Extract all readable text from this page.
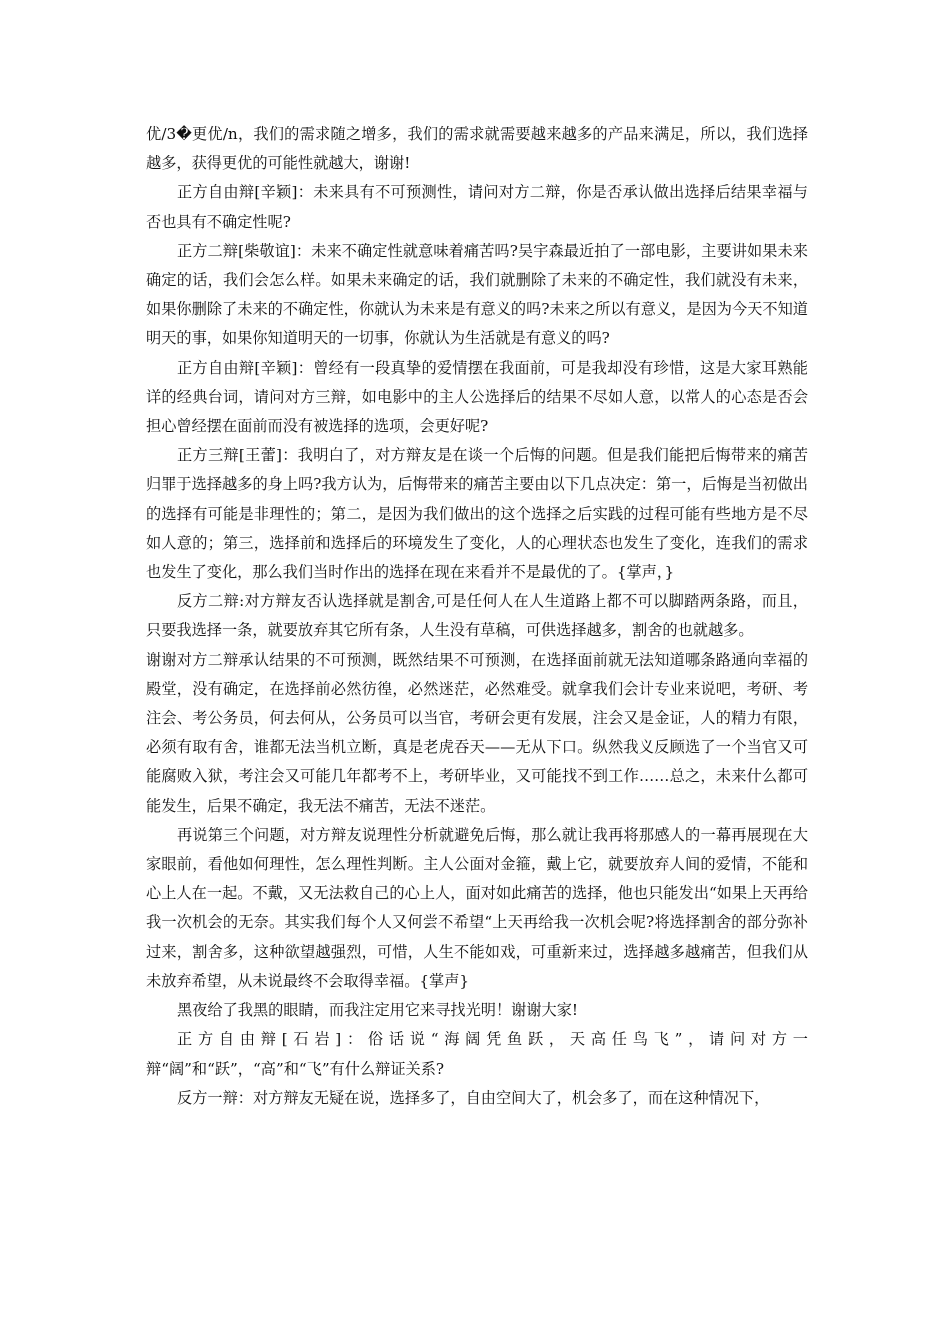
优/3�更优/n，我们的需求随之增多，我们的需求就需要越来越多的产品来满足，所以，我们选择越多，获得更优的可能性就越大，谢谢!

正方自由辩[辛颖]：未来具有不可预测性，请问对方二辩，你是否承认做出选择后结果幸福与否也具有不确定性呢?

正方二辩[柴敬谊]：未来不确定性就意味着痛苦吗?吴宇森最近拍了一部电影，主要讲如果未来确定的话，我们会怎么样。如果未来确定的话，我们就删除了未来的不确定性，我们就没有未来，如果你删除了未来的不确定性，你就认为未来是有意义的吗?未来之所以有意义，是因为今天不知道明天的事，如果你知道明天的一切事，你就认为生活就是有意义的吗?

正方自由辩[辛颖]：曾经有一段真挚的爱情摆在我面前，可是我却没有珍惜，这是大家耳熟能详的经典台词，请问对方三辩，如电影中的主人公选择后的结果不尽如人意，以常人的心态是否会担心曾经摆在面前而没有被选择的选项，会更好呢?

正方三辩[王蕾]：我明白了，对方辩友是在谈一个后悔的问题。但是我们能把后悔带来的痛苦归罪于选择越多的身上吗?我方认为，后悔带来的痛苦主要由以下几点决定：第一，后悔是当初做出的选择有可能是非理性的；第二，是因为我们做出的这个选择之后实践的过程可能有些地方是不尽如人意的；第三，选择前和选择后的环境发生了变化，人的心理状态也发生了变化，连我们的需求也发生了变化，那么我们当时作出的选择在现在来看并不是最优的了。{掌声，}

反方二辩:对方辩友否认选择就是割舍,可是任何人在人生道路上都不可以脚踏两条路，而且，只要我选择一条，就要放弃其它所有条，人生没有草稿，可供选择越多，割舍的也就越多。

谢谢对方二辩承认结果的不可预测，既然结果不可预测，在选择面前就无法知道哪条路通向幸福的殿堂，没有确定，在选择前必然彷徨，必然迷茫，必然难受。就拿我们会计专业来说吧，考研、考注会、考公务员，何去何从，公务员可以当官，考研会更有发展，注会又是金证，人的精力有限，必须有取有舍，谁都无法当机立断，真是老虎吞天——无从下口。纵然我义反顾选了一个当官又可能腐败入狱，考注会又可能几年都考不上，考研毕业，又可能找不到工作……总之，未来什么都可能发生，后果不确定，我无法不痛苦，无法不迷茫。

再说第三个问题，对方辩友说理性分析就避免后悔，那么就让我再将那感人的一幕再展现在大家眼前，看他如何理性，怎么理性判断。主人公面对金箍，戴上它，就要放弃人间的爱情，不能和心上人在一起。不戴，又无法救自己的心上人，面对如此痛苦的选择，他也只能发出“如果上天再给我一次机会的无奈。其实我们每个人又何尝不希望“上天再给我一次机会呢?将选择割舍的部分弥补过来，割舍多，这种欲望越强烈，可惜，人生不能如戏，可重新来过，选择越多越痛苦，但我们从未放弃希望，从未说最终不会取得幸福。{掌声}

黑夜给了我黑的眼睛，而我注定用它来寻找光明！谢谢大家!

正方自由辩[石岩]：俗话说“海阔凭鱼跃，天高任鸟飞”，请问对方一辩“阔”和“跃”，“高”和“飞”有什么辩证关系?

反方一辩：对方辩友无疑在说，选择多了，自由空间大了，机会多了，而在这种情况下，
